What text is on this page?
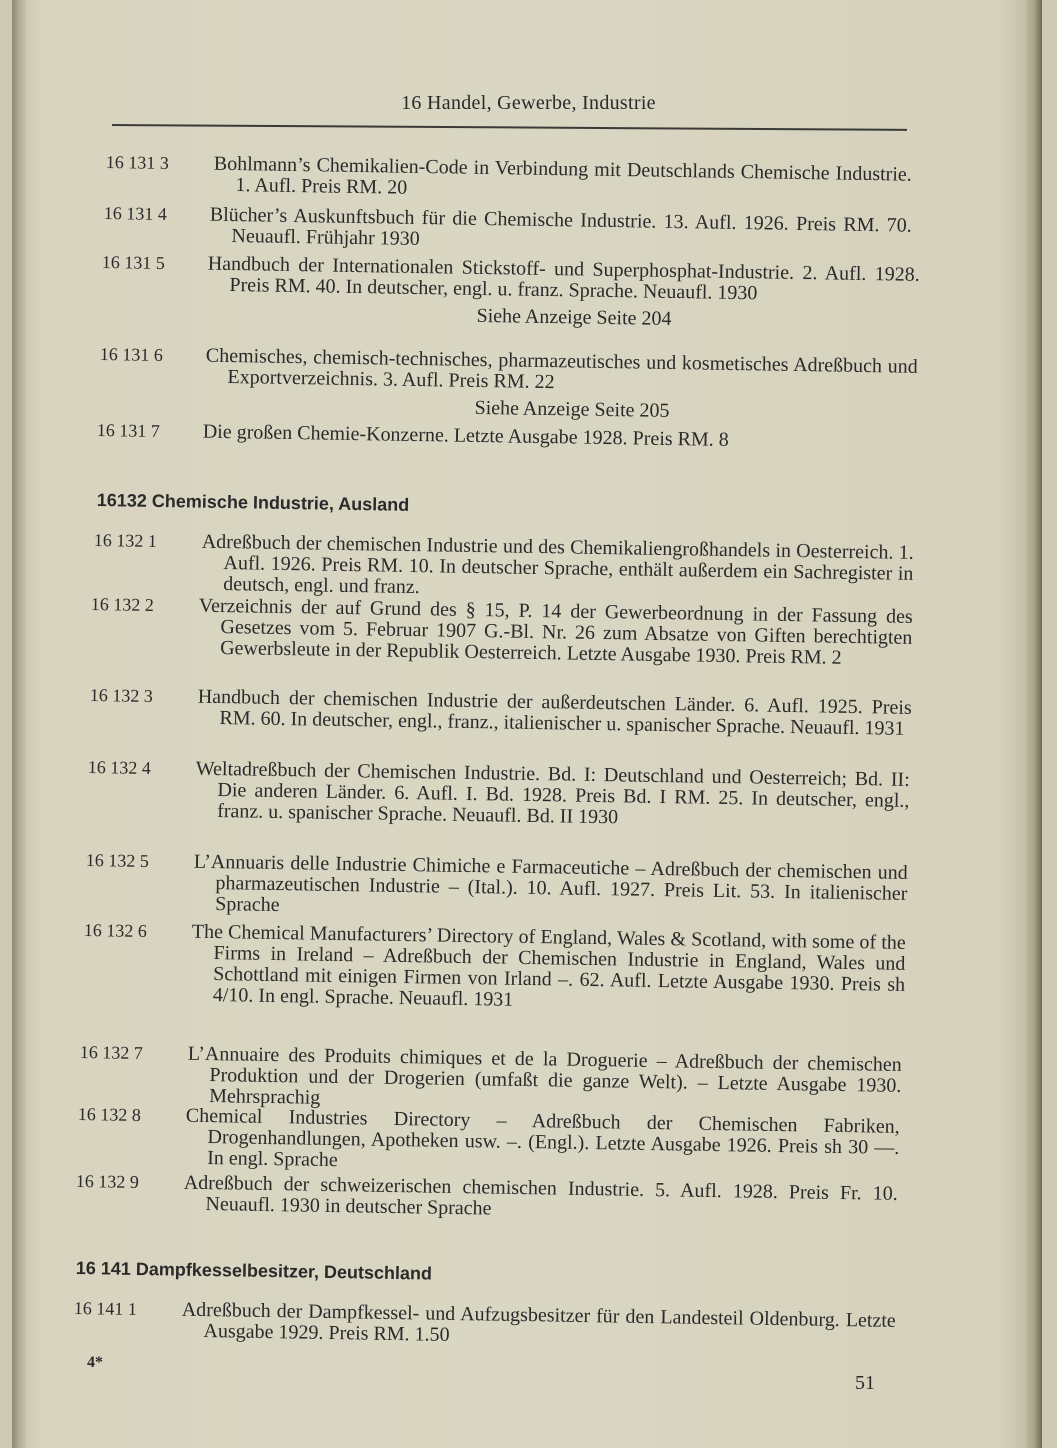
16 Handel, Gewerbe, Industrie
16 131 3 Bohlmann’s Chemikalien-Code in Verbindung mit Deutschlands Chemische Industrie. 1. Aufl. Preis RM. 20
16 131 4 Blücher’s Auskunftsbuch für die Chemische Industrie. 13. Aufl. 1926. Preis RM. 70. Neuaufl. Frühjahr 1930
16 131 5 Handbuch der Internationalen Stickstoff- und Superphosphat-Industrie. 2. Aufl. 1928. Preis RM. 40. In deutscher, engl. u. franz. Sprache. Neuaufl. 1930
Siehe Anzeige Seite 204
16 131 6 Chemisches, chemisch-technisches, pharmazeutisches und kosmetisches Adreßbuch und Exportverzeichnis. 3. Aufl. Preis RM. 22
Siehe Anzeige Seite 205
16 131 7 Die großen Chemie-Konzerne. Letzte Ausgabe 1928. Preis RM. 8
16132 Chemische Industrie, Ausland
16 132 1 Adreßbuch der chemischen Industrie und des Chemikaliengroßhandels in Oesterreich. 1. Aufl. 1926. Preis RM. 10. In deutscher Sprache, enthält außerdem ein Sachregister in deutsch, engl. und franz.
16 132 2 Verzeichnis der auf Grund des § 15, P. 14 der Gewerbeordnung in der Fassung des Gesetzes vom 5. Februar 1907 G.-Bl. Nr. 26 zum Absatze von Giften berechtigten Gewerbsleute in der Republik Oesterreich. Letzte Ausgabe 1930. Preis RM. 2
16 132 3 Handbuch der chemischen Industrie der außerdeutschen Länder. 6. Aufl. 1925. Preis RM. 60. In deutscher, engl., franz., italienischer u. spanischer Sprache. Neuaufl. 1931
16 132 4 Weltadreßbuch der Chemischen Industrie. Bd. I: Deutschland und Oesterreich; Bd. II: Die anderen Länder. 6. Aufl. I. Bd. 1928. Preis Bd. I RM. 25. In deutscher, engl., franz. u. spanischer Sprache. Neuaufl. Bd. II 1930
16 132 5 L’Annuaris delle Industrie Chimiche e Farmaceutiche – Adreßbuch der chemischen und pharmazeutischen Industrie – (Ital.). 10. Aufl. 1927. Preis Lit. 53. In italienischer Sprache
16 132 6 The Chemical Manufacturers’ Directory of England, Wales & Scotland, with some of the Firms in Ireland – Adreßbuch der Chemischen Industrie in England, Wales und Schottland mit einigen Firmen von Irland –. 62. Aufl. Letzte Ausgabe 1930. Preis sh 4/10. In engl. Sprache. Neuaufl. 1931
16 132 7 L’Annuaire des Produits chimiques et de la Droguerie – Adreßbuch der chemischen Produktion und der Drogerien (umfaßt die ganze Welt). – Letzte Ausgabe 1930. Mehrsprachig
16 132 8 Chemical Industries Directory – Adreßbuch der Chemischen Fabriken, Drogenhandlungen, Apotheken usw. –. (Engl.). Letzte Ausgabe 1926. Preis sh 30 —. In engl. Sprache
16 132 9 Adreßbuch der schweizerischen chemischen Industrie. 5. Aufl. 1928. Preis Fr. 10. Neuaufl. 1930 in deutscher Sprache
16 141 Dampfkesselbesitzer, Deutschland
16 141 1 Adreßbuch der Dampfkessel- und Aufzugsbesitzer für den Landesteil Oldenburg. Letzte Ausgabe 1929. Preis RM. 1.50
4*
51
